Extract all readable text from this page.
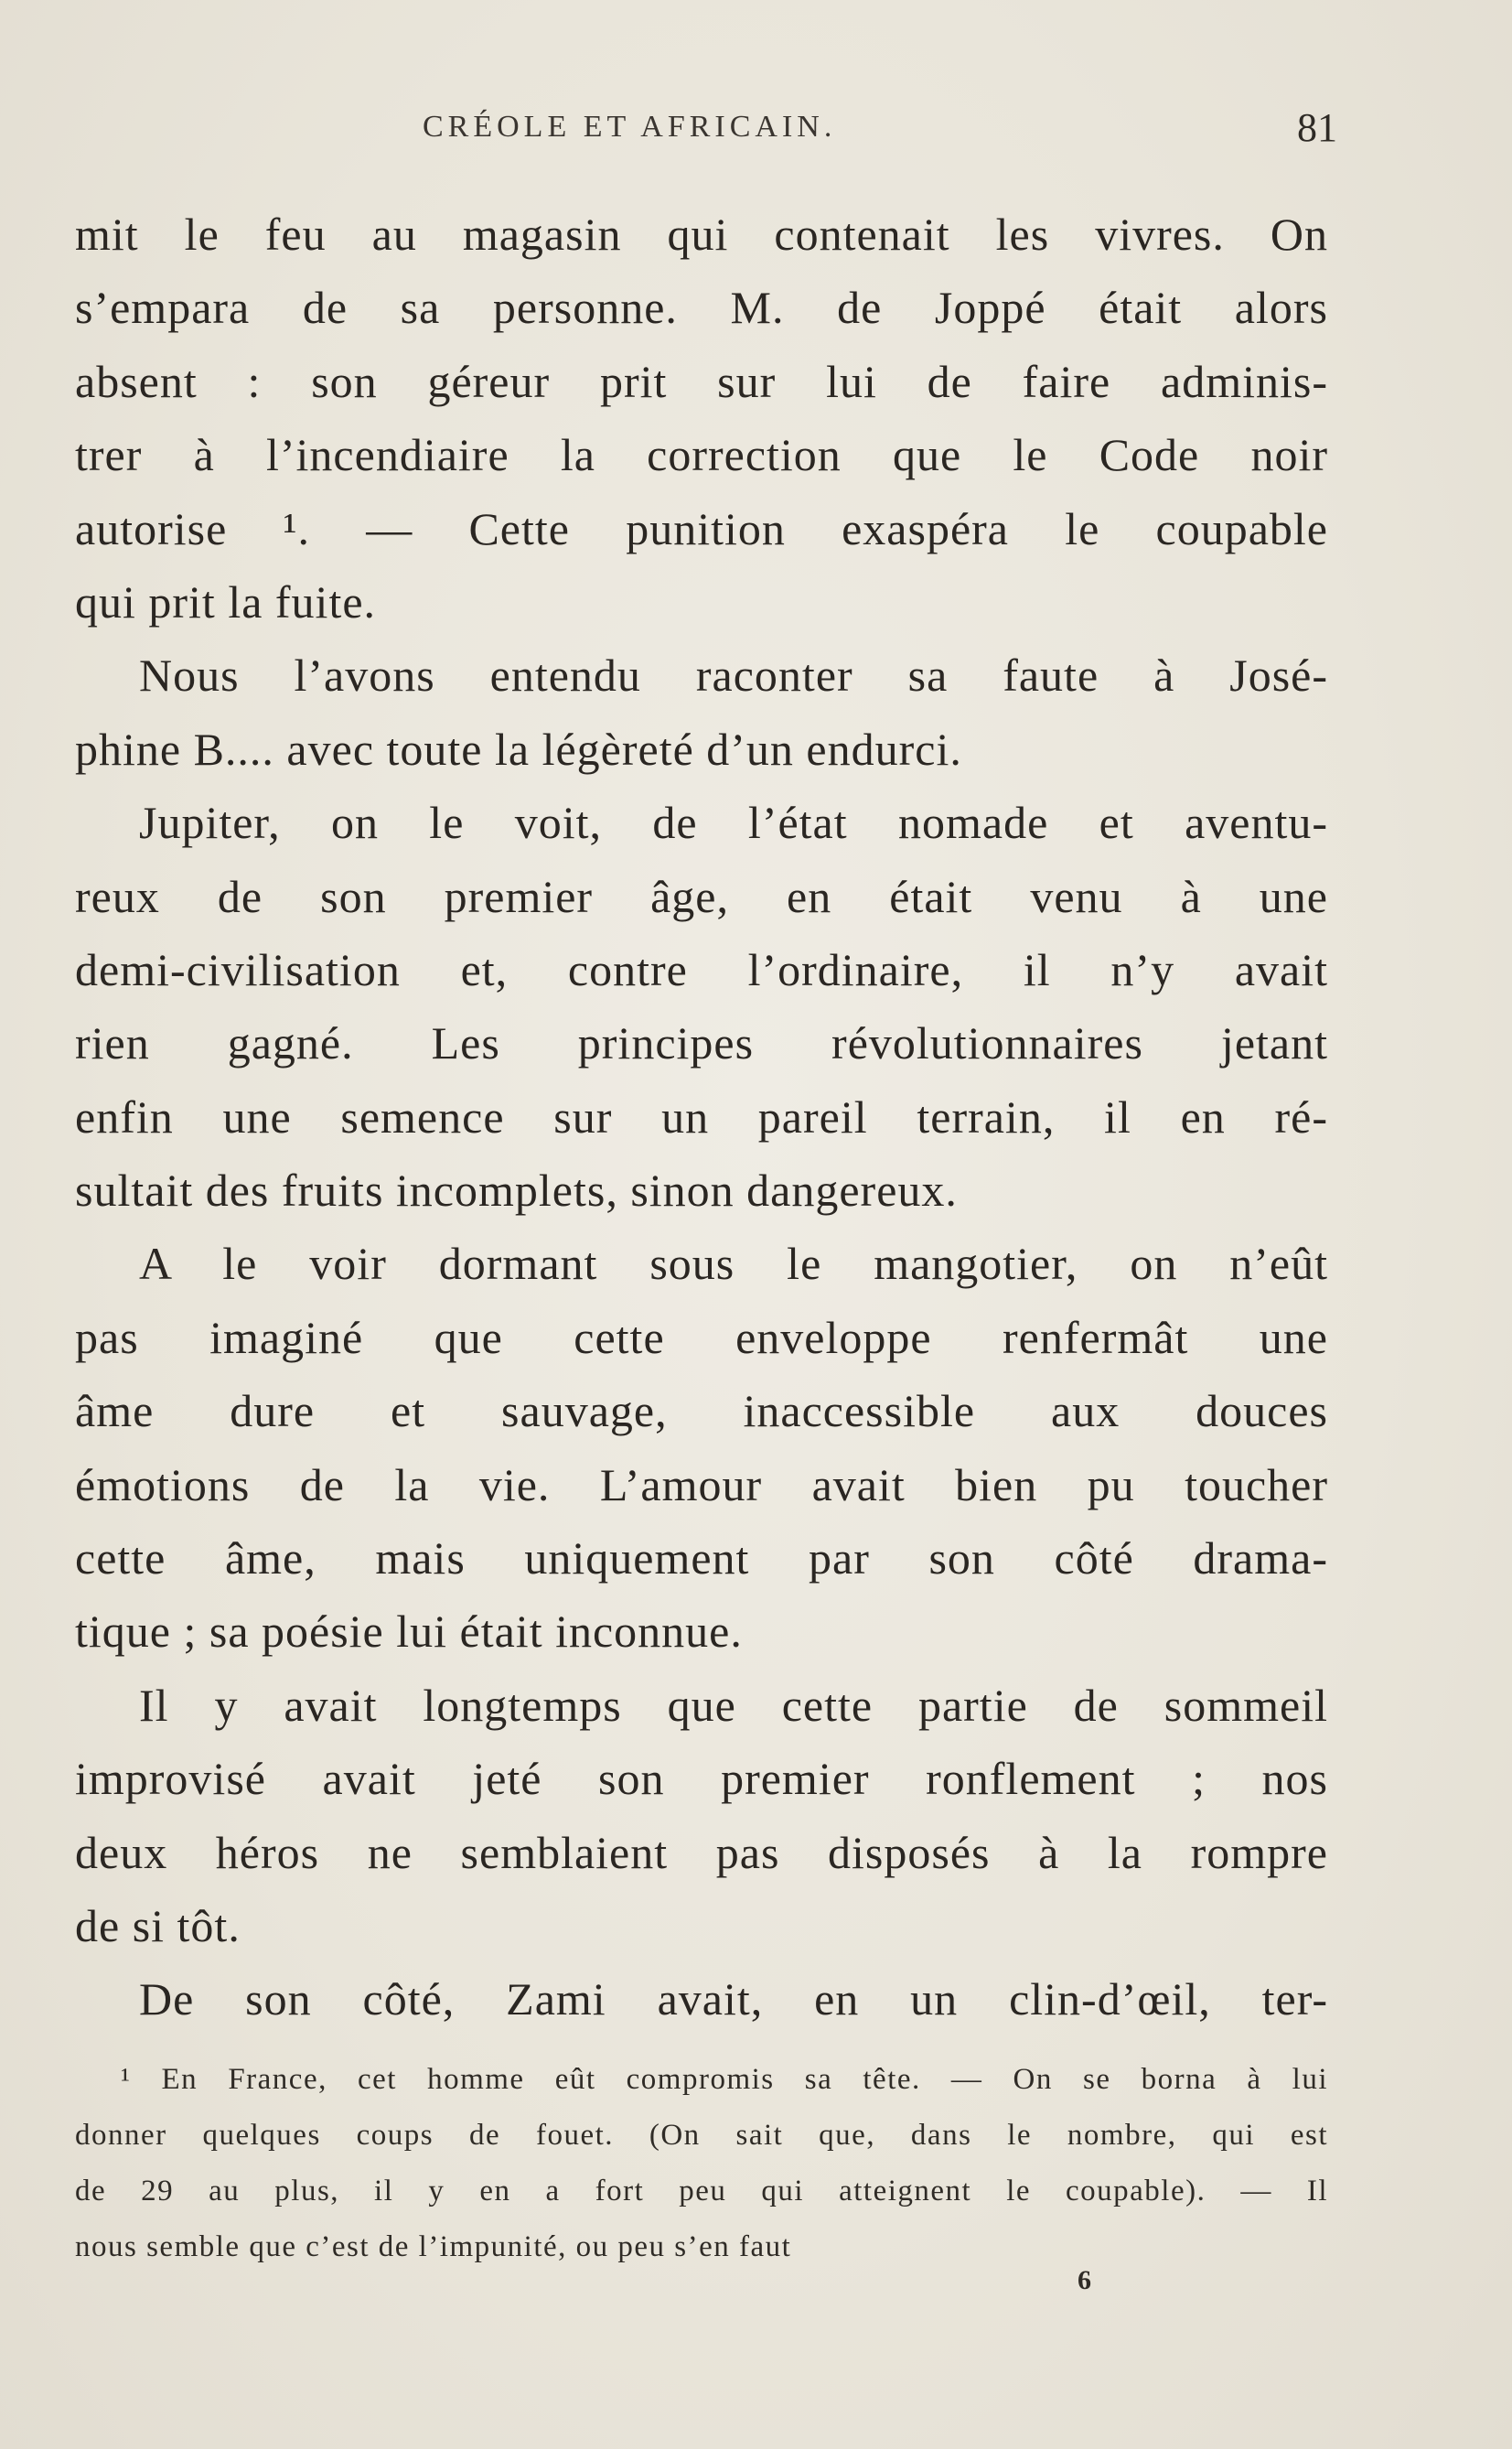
CRÉOLE ET AFRICAIN.	81
mit le feu au magasin qui contenait les vivres. On
s’empara de sa personne. M. de Joppé était alors
absent : son géreur prit sur lui de faire adminis-
trer à l’incendiaire la correction que le Code noir
autorise ¹. — Cette punition exaspéra le coupable
qui prit la fuite.
Nous l’avons entendu raconter sa faute à José-
phine B.... avec toute la légèreté d’un endurci.
Jupiter, on le voit, de l’état nomade et aventu-
reux de son premier âge, en était venu à une
demi-civilisation et, contre l’ordinaire, il n’y avait
rien gagné. Les principes révolutionnaires jetant
enfin une semence sur un pareil terrain, il en ré-
sultait des fruits incomplets, sinon dangereux.
A le voir dormant sous le mangotier, on n’eût
pas imaginé que cette enveloppe renfermât une
âme dure et sauvage, inaccessible aux douces
émotions de la vie. L’amour avait bien pu toucher
cette âme, mais uniquement par son côté drama-
tique ; sa poésie lui était inconnue.
Il y avait longtemps que cette partie de sommeil
improvisé avait jeté son premier ronflement ; nos
deux héros ne semblaient pas disposés à la rompre
de si tôt.
De son côté, Zami avait, en un clin-d’œil, ter-
¹ En France, cet homme eût compromis sa tête. — On se borna à lui
donner quelques coups de fouet. (On sait que, dans le nombre, qui est
de 29 au plus, il y en a fort peu qui atteignent le coupable). — Il
nous semble que c’est de l’impunité, ou peu s’en faut
6
